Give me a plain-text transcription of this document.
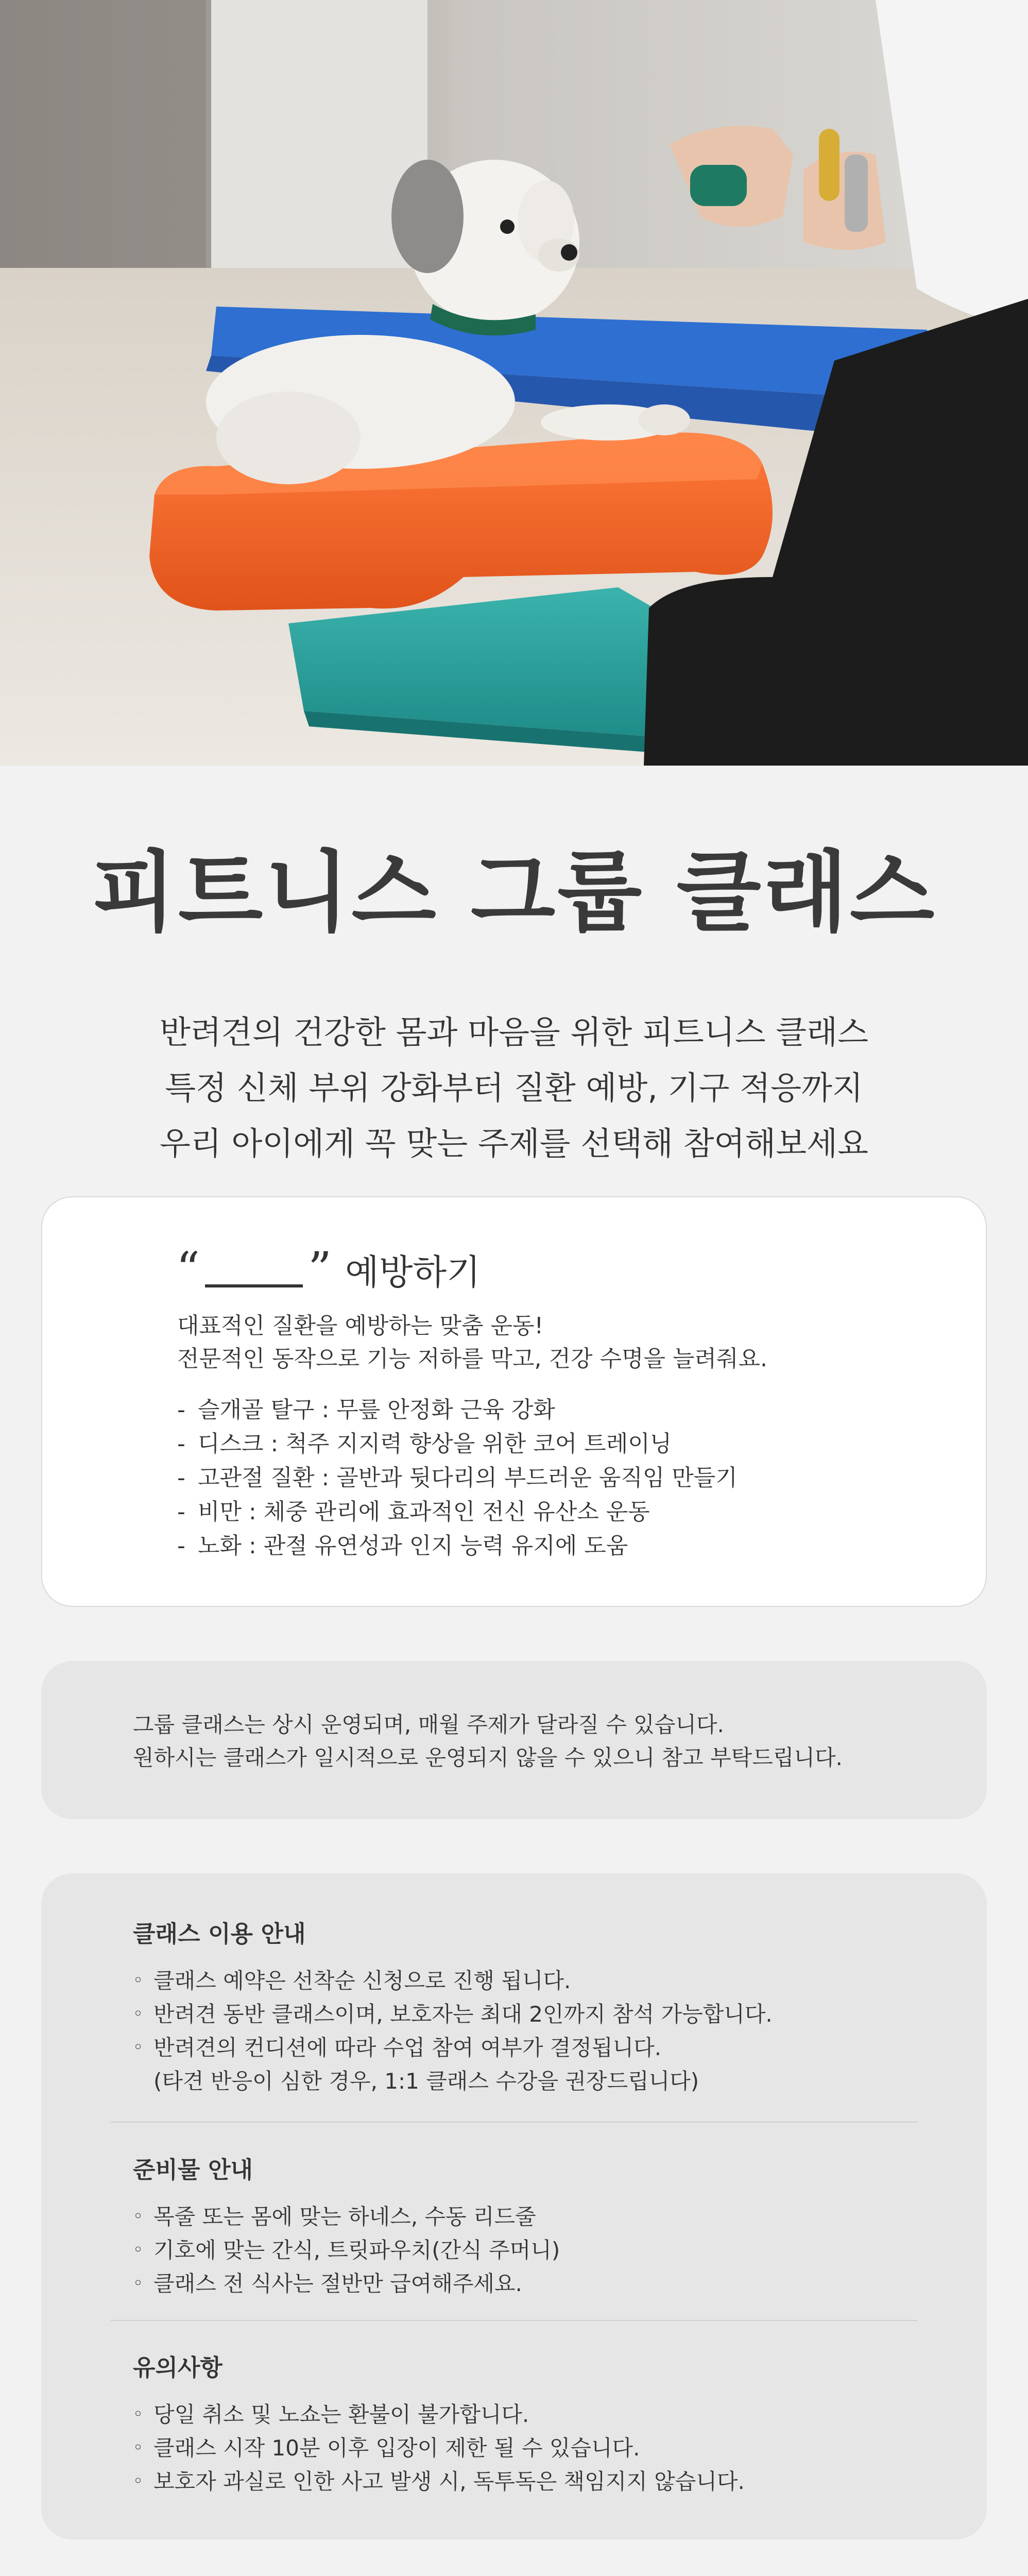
피트니스 그룹 클래스
반려견의 건강한 몸과 마음을 위한 피트니스 클래스
특정 신체 부위 강화부터 질환 예방, 기구 적응까지
우리 아이에게 꼭 맞는 주제를 선택해 참여해보세요
“ ” 예방하기
대표적인 질환을 예방하는 맞춤 운동!
전문적인 동작으로 기능 저하를 막고, 건강 수명을 늘려줘요.
- 슬개골 탈구 : 무릎 안정화 근육 강화
- 디스크 : 척주 지지력 향상을 위한 코어 트레이닝
- 고관절 질환 : 골반과 뒷다리의 부드러운 움직임 만들기
- 비만 : 체중 관리에 효과적인 전신 유산소 운동
- 노화 : 관절 유연성과 인지 능력 유지에 도움
그룹 클래스는 상시 운영되며, 매월 주제가 달라질 수 있습니다.
원하시는 클래스가 일시적으로 운영되지 않을 수 있으니 참고 부탁드립니다.
클래스 이용 안내
◦ 클래스 예약은 선착순 신청으로 진행 됩니다.
◦ 반려견 동반 클래스이며, 보호자는 최대 2인까지 참석 가능합니다.
◦ 반려견의 컨디션에 따라 수업 참여 여부가 결정됩니다.
(타견 반응이 심한 경우, 1:1 클래스 수강을 권장드립니다)
준비물 안내
◦ 목줄 또는 몸에 맞는 하네스, 수동 리드줄
◦ 기호에 맞는 간식, 트릿파우치(간식 주머니)
◦ 클래스 전 식사는 절반만 급여해주세요.
유의사항
◦ 당일 취소 및 노쇼는 환불이 불가합니다.
◦ 클래스 시작 10분 이후 입장이 제한 될 수 있습니다.
◦ 보호자 과실로 인한 사고 발생 시, 독투독은 책임지지 않습니다.
